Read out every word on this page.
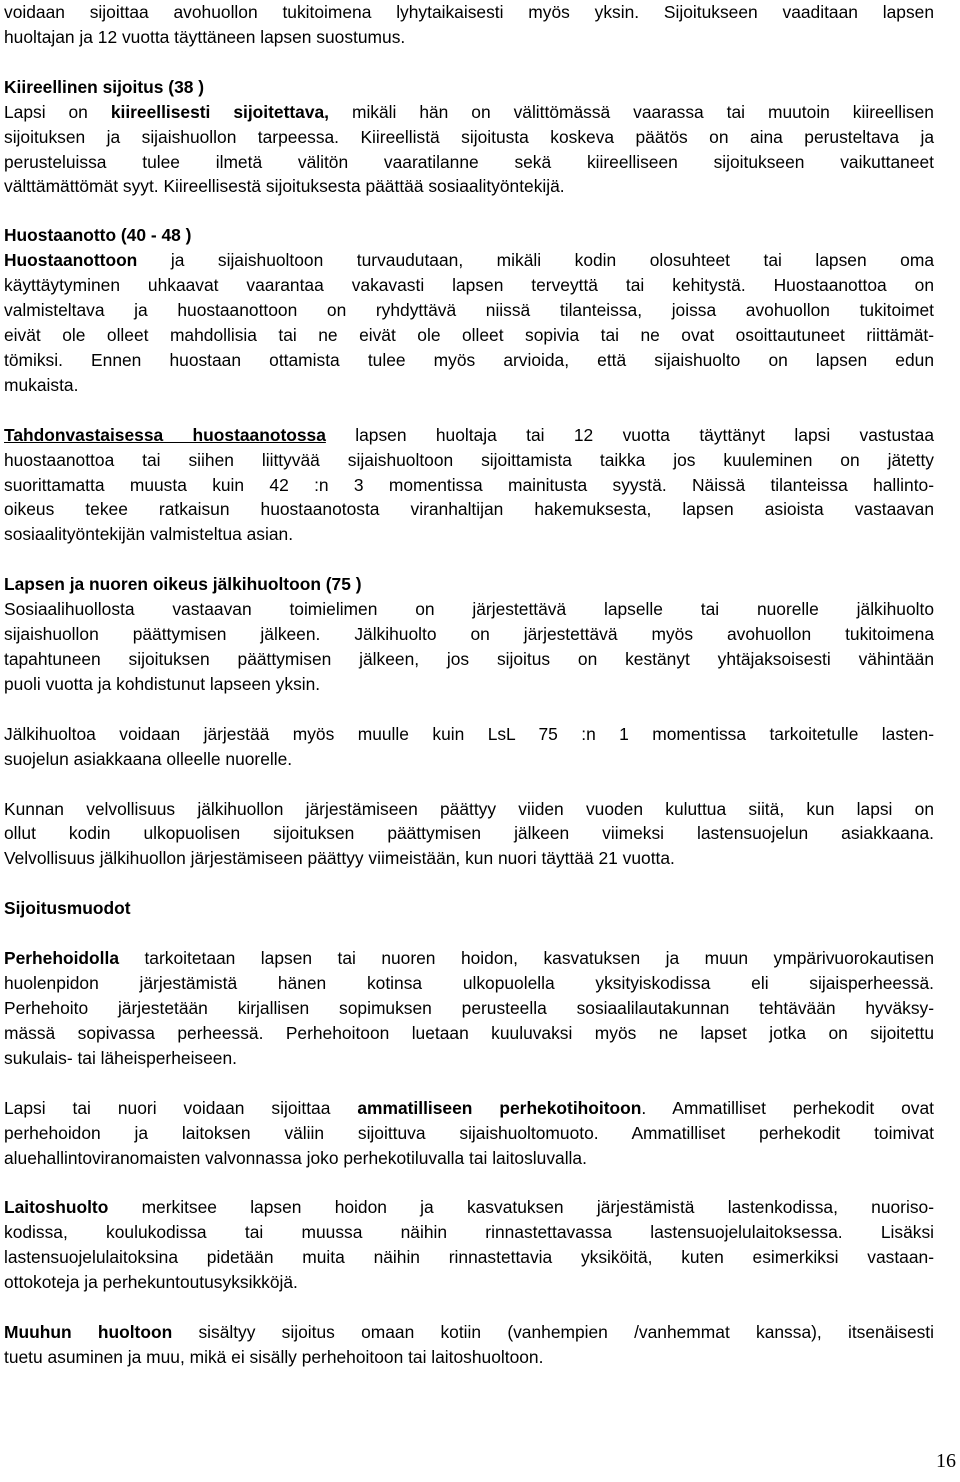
voidaan sijoittaa avohuollon tukitoimena lyhytaikaisesti myös yksin. Sijoitukseen vaaditaan lapsen
huoltajan ja 12 vuotta täyttäneen lapsen suostumus.
Kiireellinen sijoitus (38 )
Lapsi on kiireellisesti sijoitettava, mikäli hän on välittömässä vaarassa tai muutoin kiireellisen
sijoituksen ja sijaishuollon tarpeessa. Kiireellistä sijoitusta koskeva päätös on aina perusteltava ja
perusteluissa tulee ilmetä välitön vaaratilanne sekä kiireelliseen sijoitukseen vaikuttaneet
välttämättömät syyt. Kiireellisestä sijoituksesta päättää sosiaalityöntekijä.
Huostaanotto (40 - 48 )
Huostaanottoon ja sijaishuoltoon turvaudutaan, mikäli kodin olosuhteet tai lapsen oma
käyttäytyminen uhkaavat vaarantaa vakavasti lapsen terveyttä tai kehitystä. Huostaanottoa on
valmisteltava ja huostaanottoon on ryhdyttävä niissä tilanteissa, joissa avohuollon tukitoimet
eivät ole olleet mahdollisia tai ne eivät ole olleet sopivia tai ne ovat osoittautuneet riittämät-
tömiksi. Ennen huostaan ottamista tulee myös arvioida, että sijaishuolto on lapsen edun
mukaista.
Tahdonvastaisessa huostaanotossa lapsen huoltaja tai 12 vuotta täyttänyt lapsi vastustaa
huostaanottoa tai siihen liittyvää sijaishuoltoon sijoittamista taikka jos kuuleminen on jätetty
suorittamatta muusta kuin 42 :n 3 momentissa mainitusta syystä. Näissä tilanteissa hallinto-
oikeus tekee ratkaisun huostaanotosta viranhaltijan hakemuksesta, lapsen asioista vastaavan
sosiaalityöntekijän valmisteltua asian.
Lapsen ja nuoren oikeus jälkihuoltoon (75 )
Sosiaalihuollosta vastaavan toimielimen on järjestettävä lapselle tai nuorelle jälkihuolto
sijaishuollon päättymisen jälkeen. Jälkihuolto on järjestettävä myös avohuollon tukitoimena
tapahtuneen sijoituksen päättymisen jälkeen, jos sijoitus on kestänyt yhtäjaksoisesti vähintään
puoli vuotta ja kohdistunut lapseen yksin.
Jälkihuoltoa voidaan järjestää myös muulle kuin LsL 75 :n 1 momentissa tarkoitetulle lasten-
suojelun asiakkaana olleelle nuorelle.
Kunnan velvollisuus jälkihuollon järjestämiseen päättyy viiden vuoden kuluttua siitä, kun lapsi on
ollut kodin ulkopuolisen sijoituksen päättymisen jälkeen viimeksi lastensuojelun asiakkaana.
Velvollisuus jälkihuollon järjestämiseen päättyy viimeistään, kun nuori täyttää 21 vuotta.
Sijoitusmuodot
Perhehoidolla tarkoitetaan lapsen tai nuoren hoidon, kasvatuksen ja muun ympärivuorokautisen
huolenpidon järjestämistä hänen kotinsa ulkopuolella yksityiskodissa eli sijaisperheessä.
Perhehoito järjestetään kirjallisen sopimuksen perusteella sosiaalilautakunnan tehtävään hyväksy-
mässä sopivassa perheessä. Perhehoitoon luetaan kuuluvaksi myös ne lapset jotka on sijoitettu
sukulais- tai läheisperheiseen.
Lapsi tai nuori voidaan sijoittaa ammatilliseen perhekotihoitoon. Ammatilliset perhekodit ovat
perhehoidon ja laitoksen väliin sijoittuva sijaishuoltomuoto. Ammatilliset perhekodit toimivat
aluehallintoviranomaisten valvonnassa joko perhekotiluvalla tai laitosluvalla.
Laitoshuolto merkitsee lapsen hoidon ja kasvatuksen järjestämistä lastenkodissa, nuoriso-
kodissa, koulukodissa tai muussa näihin rinnastettavassa lastensuojelulaitoksessa. Lisäksi
lastensuojelulaitoksina pidetään muita näihin rinnastettavia yksiköitä, kuten esimerkiksi vastaan-
ottokoteja ja perhekuntoutusyksikköjä.
Muuhun huoltoon sisältyy sijoitus omaan kotiin (vanhempien /vanhemmat kanssa), itsenäisesti
tuetu asuminen ja muu, mikä ei sisälly perhehoitoon tai laitoshuoltoon.
16
